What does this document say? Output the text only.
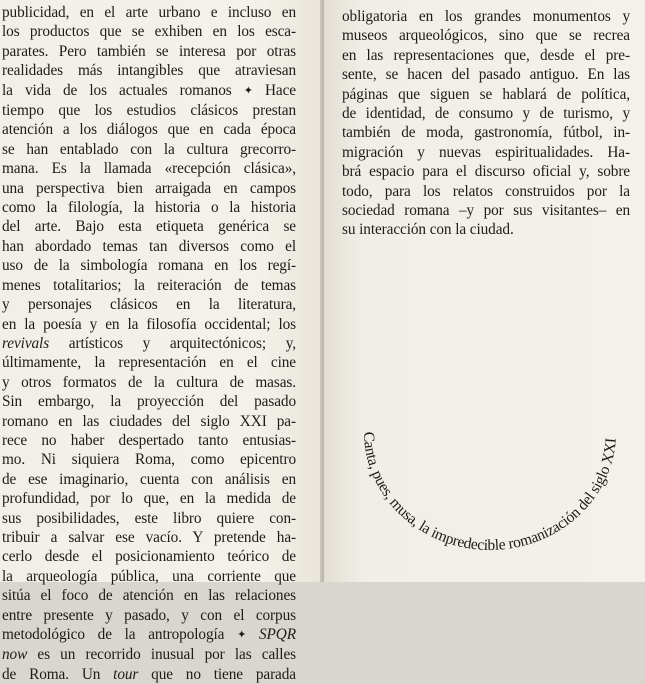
publicidad, en el arte urbano e incluso en
los productos que se exhiben en los esca-
parates. Pero también se interesa por otras
realidades más intangibles que atraviesan
la vida de los actuales romanos ✦ Hace
tiempo que los estudios clásicos prestan
atención a los diálogos que en cada época
se han entablado con la cultura grecorro-
mana. Es la llamada «recepción clásica»,
una perspectiva bien arraigada en campos
como la filología, la historia o la historia
del arte. Bajo esta etiqueta genérica se
han abordado temas tan diversos como el
uso de la simbología romana en los regí-
menes totalitarios; la reiteración de temas
y personajes clásicos en la literatura,
en la poesía y en la filosofía occidental; los
revivals artísticos y arquitectónicos; y,
últimamente, la representación en el cine
y otros formatos de la cultura de masas.
Sin embargo, la proyección del pasado
romano en las ciudades del siglo XXI pa-
rece no haber despertado tanto entusias-
mo. Ni siquiera Roma, como epicentro
de ese imaginario, cuenta con análisis en
profundidad, por lo que, en la medida de
sus posibilidades, este libro quiere con-
tribuir a salvar ese vacío. Y pretende ha-
cerlo desde el posicionamiento teórico de
la arqueología pública, una corriente que
sitúa el foco de atención en las relaciones
entre presente y pasado, y con el corpus
metodológico de la antropología ✦ SPQR
now es un recorrido inusual por las calles
de Roma. Un tour que no tiene parada

obligatoria en los grandes monumentos y
museos arqueológicos, sino que se recrea
en las representaciones que, desde el pre-
sente, se hacen del pasado antiguo. En las
páginas que siguen se hablará de política,
de identidad, de consumo y de turismo, y
también de moda, gastronomía, fútbol, in-
migración y nuevas espiritualidades. Ha-
brá espacio para el discurso oficial y, sobre
todo, para los relatos construidos por la
sociedad romana –y por sus visitantes– en
su interacción con la ciudad.

Canta, pues, musa, la impredecible romanización del siglo XXI
